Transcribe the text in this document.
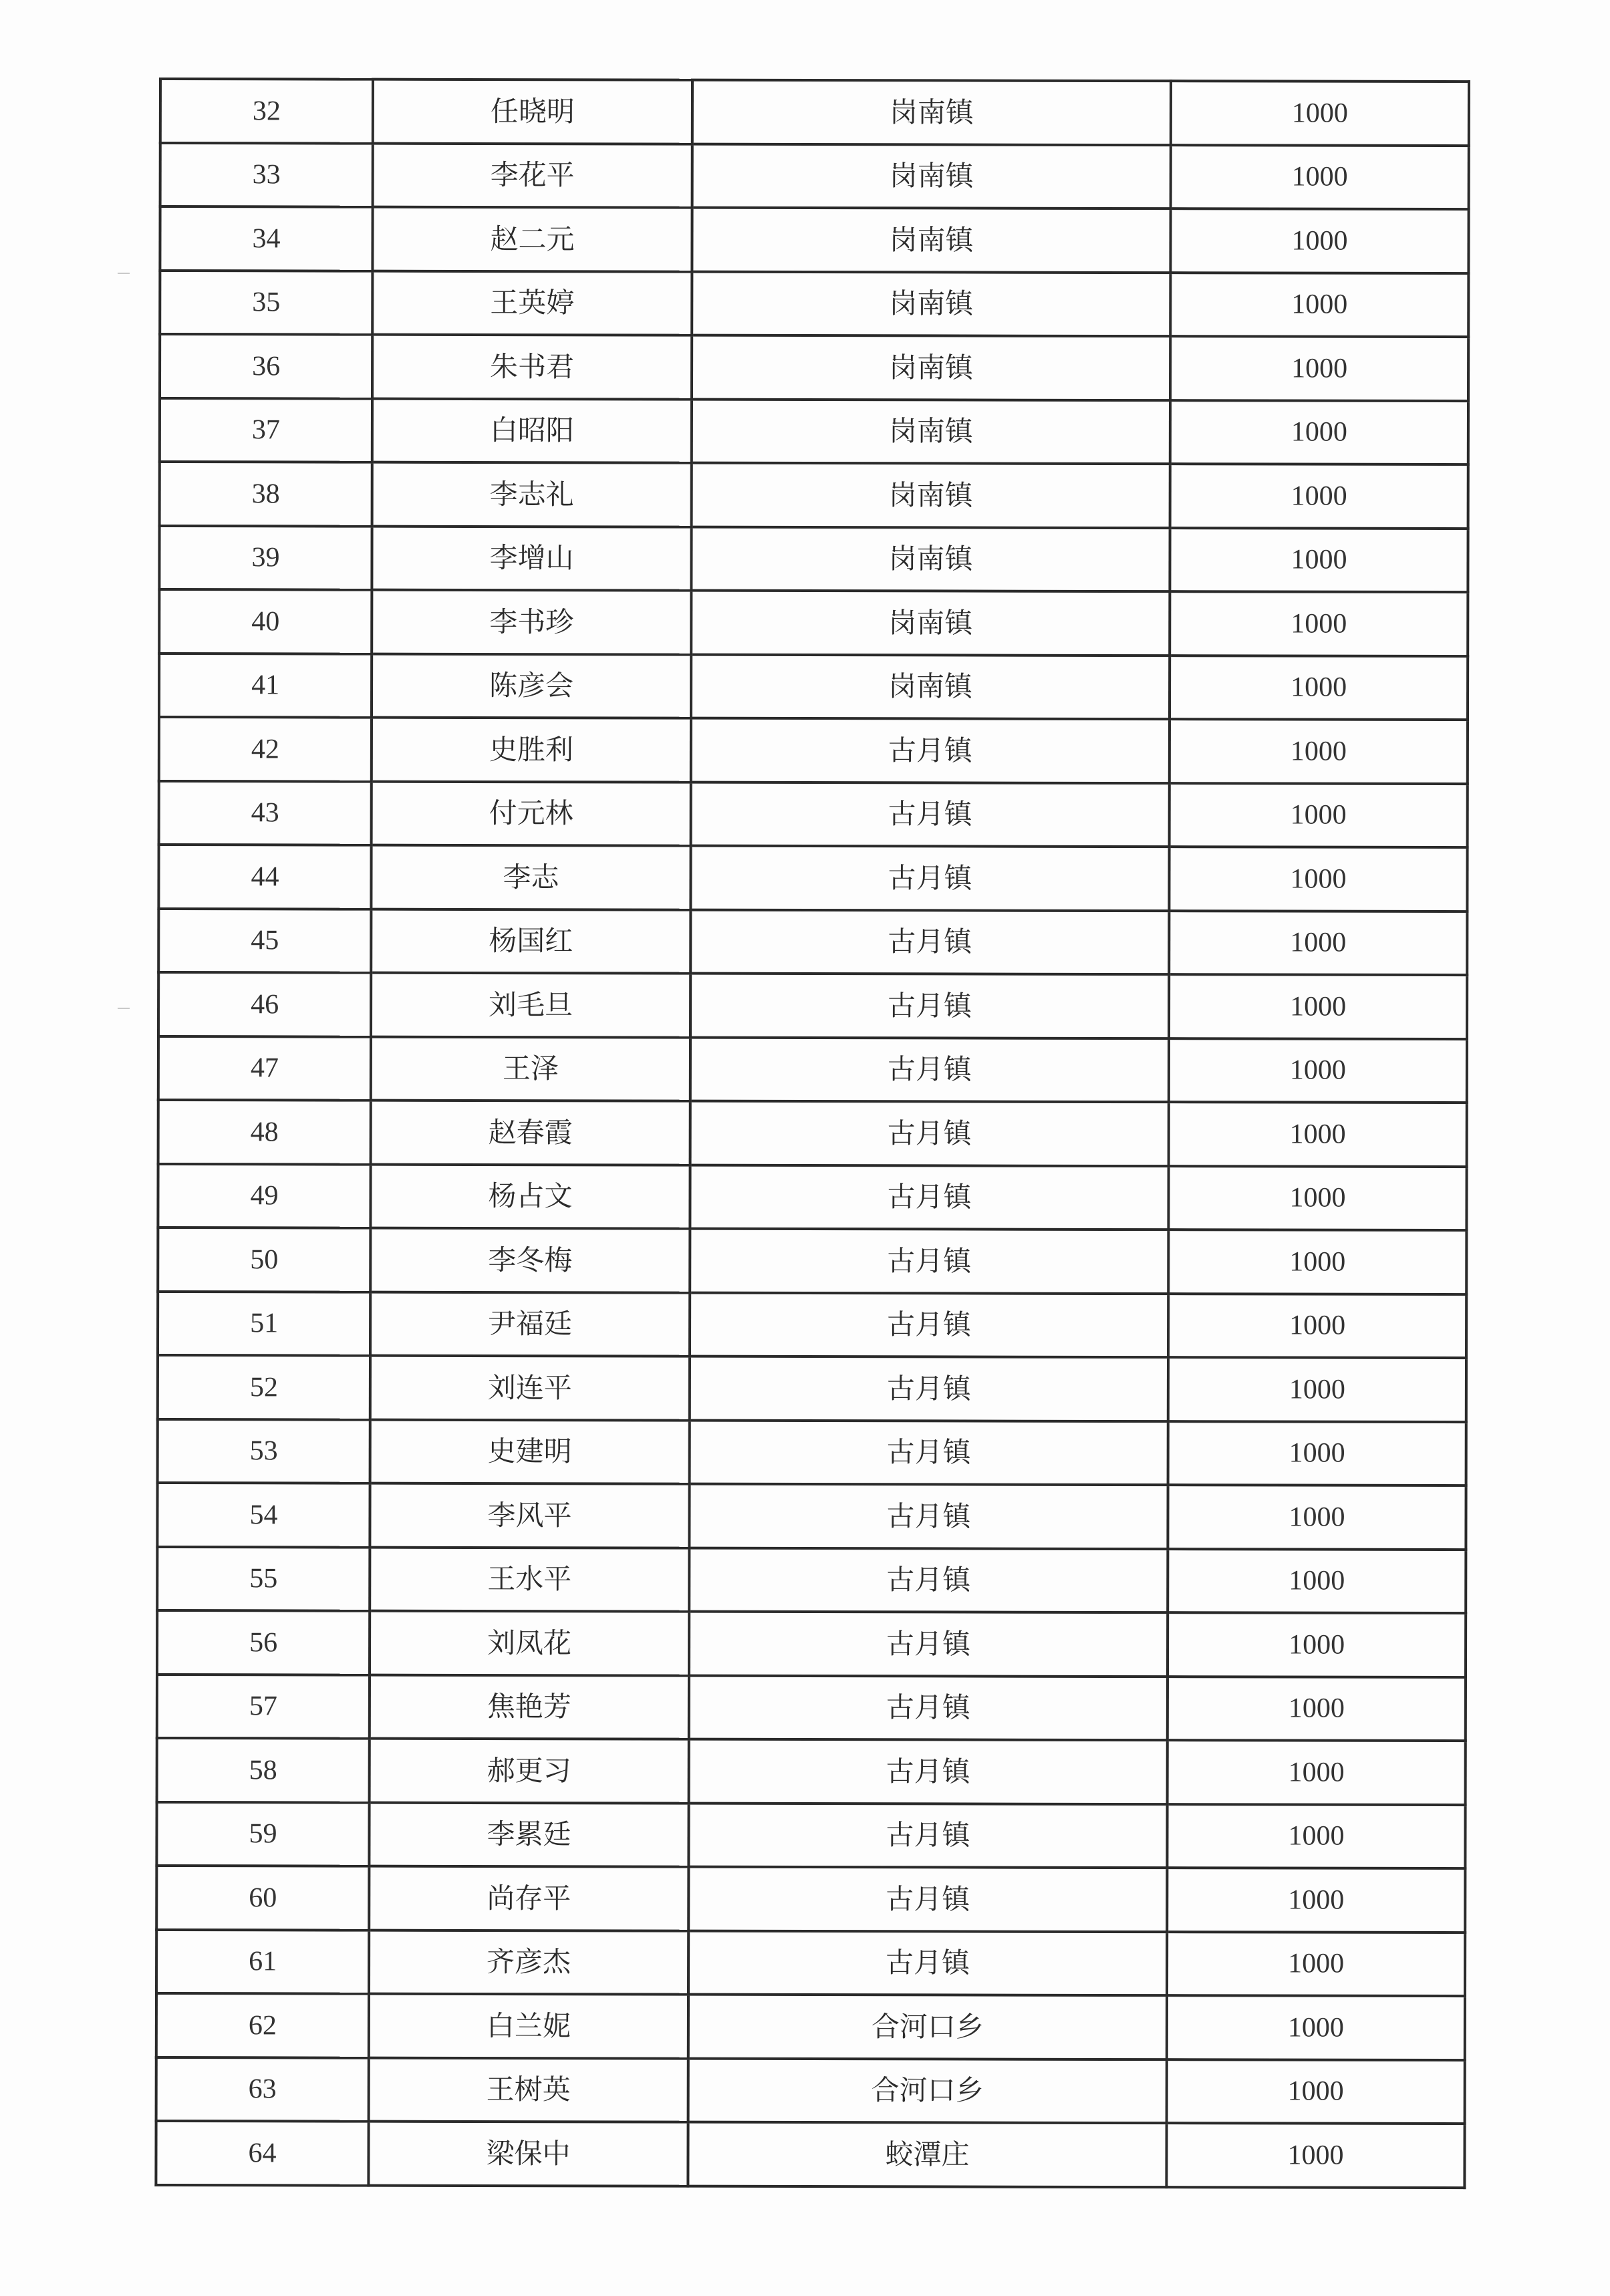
32	任晓明	岗南镇	1000
33	李花平	岗南镇	1000
34	赵二元	岗南镇	1000
35	王英婷	岗南镇	1000
36	朱书君	岗南镇	1000
37	白昭阳	岗南镇	1000
38	李志礼	岗南镇	1000
39	李增山	岗南镇	1000
40	李书珍	岗南镇	1000
41	陈彦会	岗南镇	1000
42	史胜利	古月镇	1000
43	付元林	古月镇	1000
44	李志	古月镇	1000
45	杨国红	古月镇	1000
46	刘毛旦	古月镇	1000
47	王泽	古月镇	1000
48	赵春霞	古月镇	1000
49	杨占文	古月镇	1000
50	李冬梅	古月镇	1000
51	尹福廷	古月镇	1000
52	刘连平	古月镇	1000
53	史建明	古月镇	1000
54	李风平	古月镇	1000
55	王水平	古月镇	1000
56	刘凤花	古月镇	1000
57	焦艳芳	古月镇	1000
58	郝更习	古月镇	1000
59	李累廷	古月镇	1000
60	尚存平	古月镇	1000
61	齐彦杰	古月镇	1000
62	白兰妮	合河口乡	1000
63	王树英	合河口乡	1000
64	梁保中	蛟潭庄	1000
